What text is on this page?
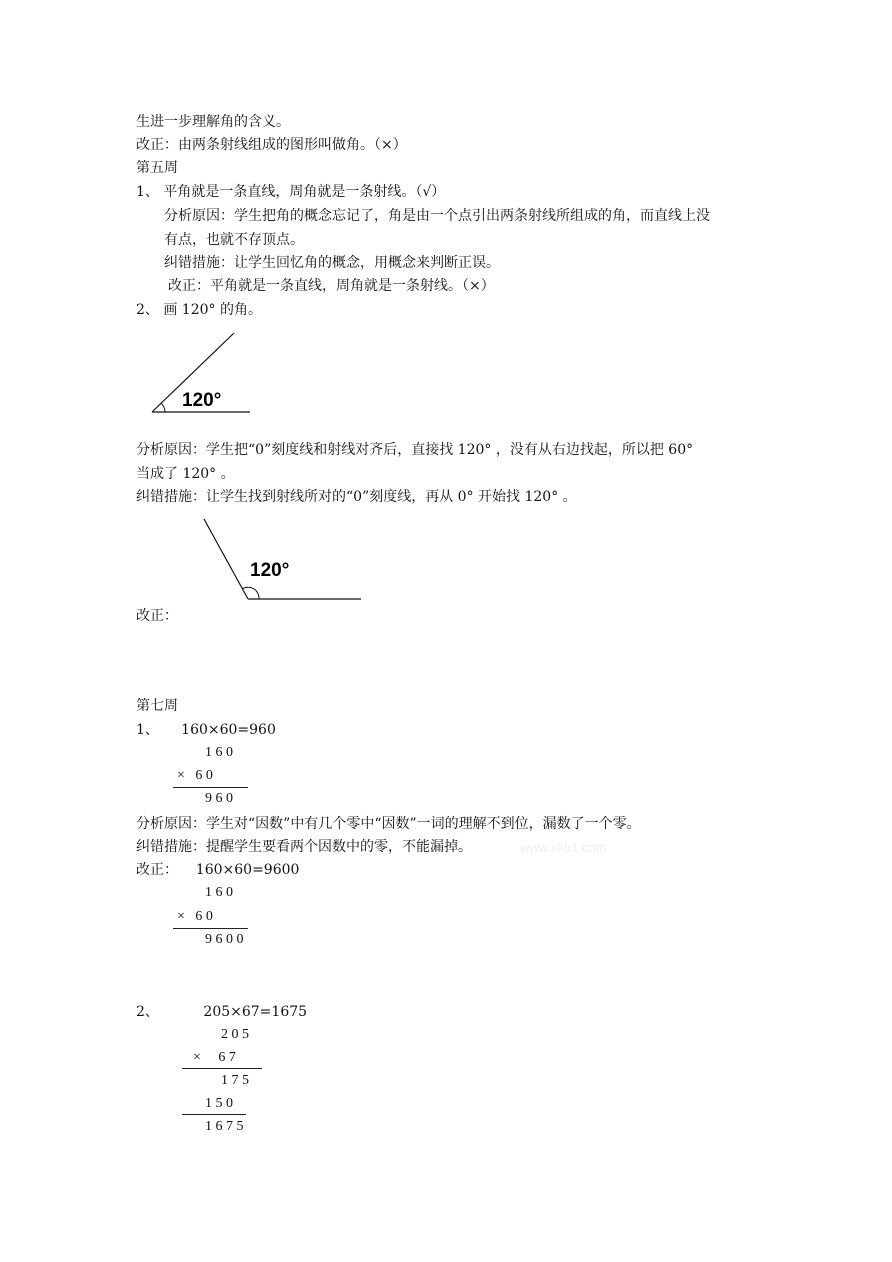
生进一步理解角的含义。
改正：由两条射线组成的图形叫做角。（×）
第五周
1、 平角就是一条直线，周角就是一条射线。（√）
分析原因：学生把角的概念忘记了，角是由一个点引出两条射线所组成的角，而直线上没
有点，也就不存顶点。
纠错措施：让学生回忆角的概念，用概念来判断正误。
改正：平角就是一条直线，周角就是一条射线。（×）
2、 画 120° 的角。
120°
分析原因：学生把“0”刻度线和射线对齐后，直接找 120° ，没有从右边找起，所以把 60°
当成了 120° 。
纠错措施：让学生找到射线所对的“0”刻度线，再从 0° 开始找 120° 。
120°
改正：
第七周
1、     160×60=960
1 6 0
×   6 0
9 6 0
分析原因：学生对“因数”中有几个零中“因数”一词的理解不到位，漏数了一个零。
纠错措施：提醒学生要看两个因数中的零，不能漏掉。	www.xkb1.com
改正：    160×60=9600
1 6 0
×   6 0
9 6 0 0
2、          205×67=1675
2 0 5
×     6 7
1 7 5
1 5 0
1 6 7 5
